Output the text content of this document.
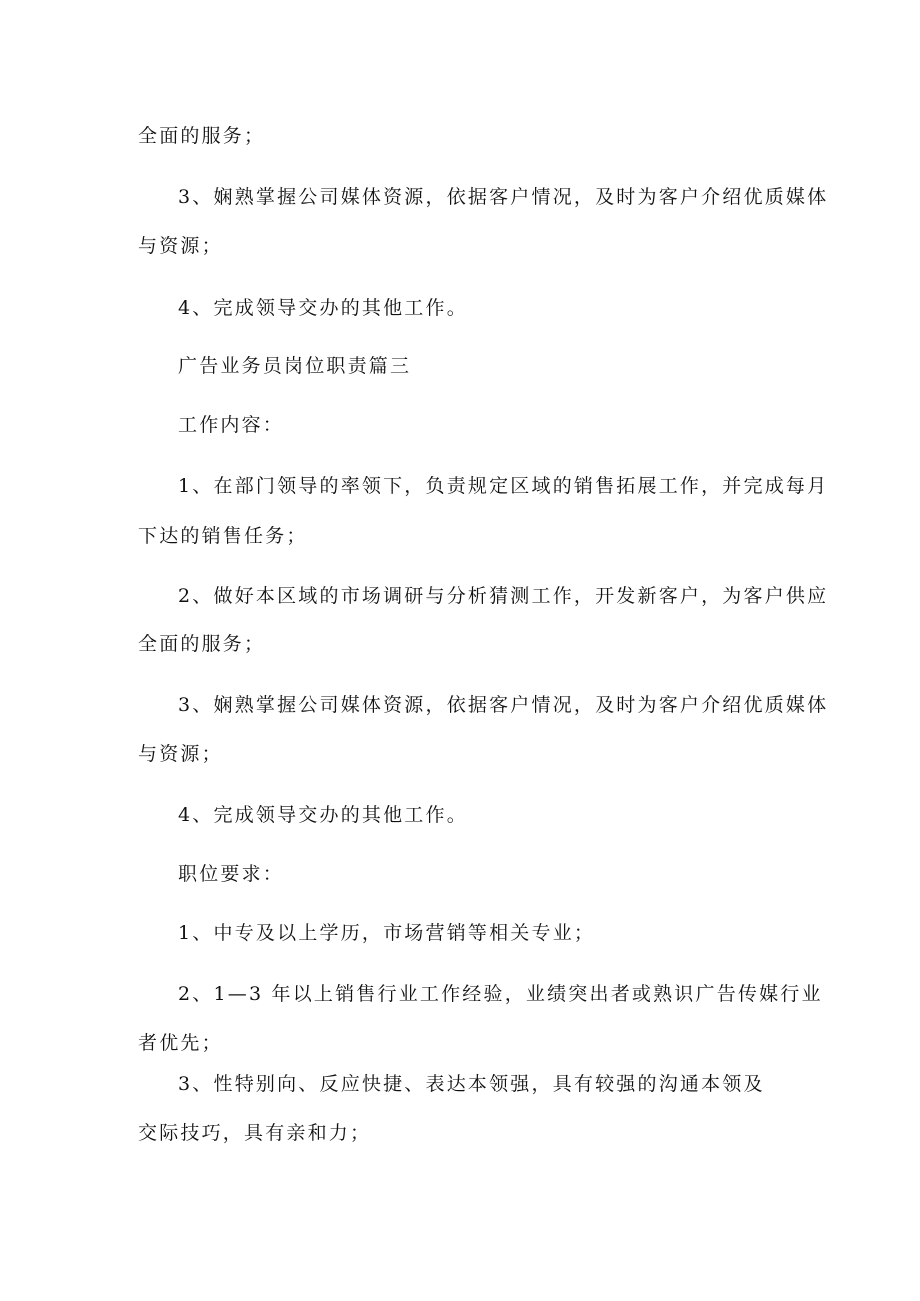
全面的服务；
3、娴熟掌握公司媒体资源，依据客户情况，及时为客户介绍优质媒体
与资源；
4、完成领导交办的其他工作。
广告业务员岗位职责篇三
工作内容：
1、在部门领导的率领下，负责规定区域的销售拓展工作，并完成每月
下达的销售任务；
2、做好本区域的市场调研与分析猜测工作，开发新客户，为客户供应
全面的服务；
3、娴熟掌握公司媒体资源，依据客户情况，及时为客户介绍优质媒体
与资源；
4、完成领导交办的其他工作。
职位要求：
1、中专及以上学历，市场营销等相关专业；
2、1—3 年以上销售行业工作经验，业绩突出者或熟识广告传媒行业
者优先；
3、性特别向、反应快捷、表达本领强，具有较强的沟通本领及
交际技巧，具有亲和力；
